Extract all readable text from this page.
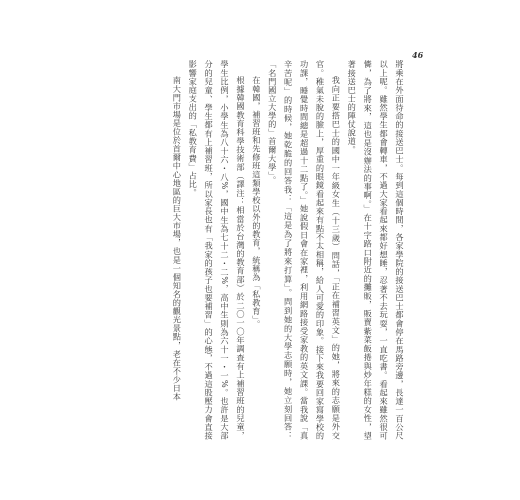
46

將乘在外面待命的接送巴士。每到這個時間，各家學院的接送巴士都會停在馬路旁邊，長達一百公尺以上呢。雖然學生都會轉車，不過大家看起來都好想睡，忍著不去玩耍，一直吃書。看起來雖然很可憐，為了將來，這也是沒辦法的事啊。」在十字路口附近的攤販，販賣紫菜飯捲與炒年糕的女性，望著接送巴士的陣仗說道。

我向正要搭巴士的國中一年級女生（十三歲）問話，「正在補習英文」的她，將來的志願是外交官。稚氣未脫的臉上，厚重的眼鏡看起來有點不太相稱，給人可愛的印象。接下來我要回家寫學校的功課，睡覺時間總是超過十二點了。」她說假日會在家裡，利用網路接受家教的英文課。當我說「真辛苦呢」的時候，她乾脆的回答我：「這是為了將來打算」。問到她的大學志願時，她立刻回答：「名門國立大學的」首爾大學」。

在韓國，補習班和先修班這類學校以外的教育，統稱為「私教育」。

根據韓國教育科學技術部（譯注：相當於台灣的教育部）於二〇一〇年調查有上補習班的兒童，學生比例，小學生為八十六・八%，國中生為七十二・二%，高中生則為六十一・一%。也許是大部分的兒童、學生都有上補習班，所以家長也有「我家的孩子也要補習」的心態，不過這股壓力會直接影響家庭支出的「私教育費」占比。

南大門市場是位於首爾中心地區的巨大市場，也是一個知名的觀光景點，老在不少日本
